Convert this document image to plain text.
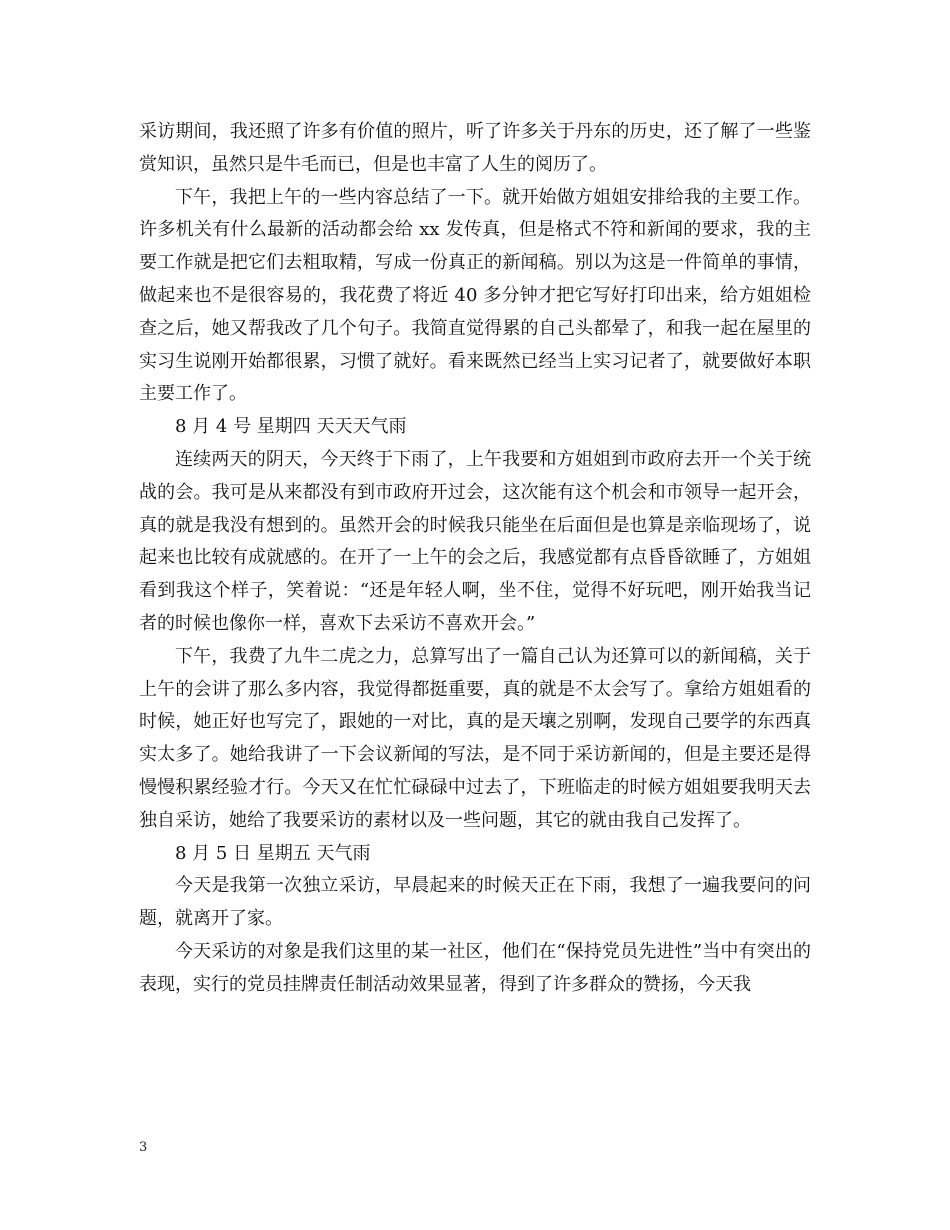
采访期间，我还照了许多有价值的照片，听了许多关于丹东的历史，还了解了一些鉴赏知识，虽然只是牛毛而已，但是也丰富了人生的阅历了。

下午，我把上午的一些内容总结了一下。就开始做方姐姐安排给我的主要工作。许多机关有什么最新的活动都会给 xx 发传真，但是格式不符和新闻的要求，我的主要工作就是把它们去粗取精，写成一份真正的新闻稿。别以为这是一件简单的事情，做起来也不是很容易的，我花费了将近 40 多分钟才把它写好打印出来，给方姐姐检查之后，她又帮我改了几个句子。我简直觉得累的自己头都晕了，和我一起在屋里的实习生说刚开始都很累，习惯了就好。看来既然已经当上实习记者了，就要做好本职主要工作了。

8 月 4 号 星期四 天天天气雨

连续两天的阴天，今天终于下雨了，上午我要和方姐姐到市政府去开一个关于统战的会。我可是从来都没有到市政府开过会，这次能有这个机会和市领导一起开会，真的就是我没有想到的。虽然开会的时候我只能坐在后面但是也算是亲临现场了，说起来也比较有成就感的。在开了一上午的会之后，我感觉都有点昏昏欲睡了，方姐姐看到我这个样子，笑着说：“还是年轻人啊，坐不住，觉得不好玩吧，刚开始我当记者的时候也像你一样，喜欢下去采访不喜欢开会。”

下午，我费了九牛二虎之力，总算写出了一篇自己认为还算可以的新闻稿，关于上午的会讲了那么多内容，我觉得都挺重要，真的就是不太会写了。拿给方姐姐看的时候，她正好也写完了，跟她的一对比，真的是天壤之别啊，发现自己要学的东西真实太多了。她给我讲了一下会议新闻的写法，是不同于采访新闻的，但是主要还是得慢慢积累经验才行。今天又在忙忙碌碌中过去了，下班临走的时候方姐姐要我明天去独自采访，她给了我要采访的素材以及一些问题，其它的就由我自己发挥了。

8 月 5 日 星期五 天气雨

今天是我第一次独立采访，早晨起来的时候天正在下雨，我想了一遍我要问的问题，就离开了家。

今天采访的对象是我们这里的某一社区，他们在“保持党员先进性”当中有突出的表现，实行的党员挂牌责任制活动效果显著，得到了许多群众的赞扬，今天我

3
